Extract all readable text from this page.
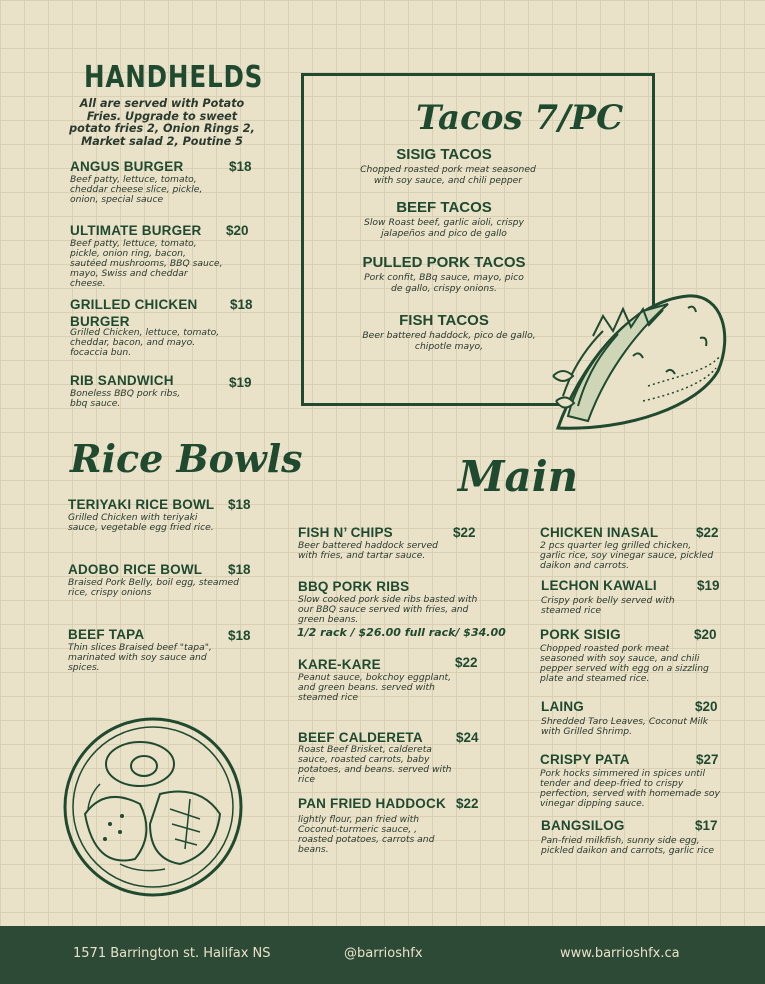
HANDHELDS
All are served with Potato Fries. Upgrade to sweet potato fries 2, Onion Rings 2, Market salad 2, Poutine 5
ANGUS BURGER	$18
Beef patty, lettuce, tomato, cheddar cheese slice, pickle, onion, special sauce
ULTIMATE BURGER $20
Beef patty, lettuce, tomato, pickle, onion ring, bacon, sautéed mushrooms, BBQ sauce, mayo, Swiss and cheddar cheese.
GRILLED CHICKEN BURGER
$18
Grilled Chicken, lettuce, tomato, cheddar, bacon, and mayo. focaccia bun.
RIB SANDWICH	$19
Boneless BBQ pork ribs, bbq sauce.
Tacos 7/PC
SISIG TACOS
Chopped roasted pork meat seasoned with soy sauce, and chili pepper
BEEF TACOS
Slow Roast beef, garlic aioli, crispy jalapeños and pico de gallo
PULLED PORK TACOS
Pork confit, BBq sauce, mayo, pico de gallo, crispy onions.
FISH TACOS
Beer battered haddock, pico de gallo, chipotle mayo,
Rice Bowls
TERIYAKI RICE BOWL $18
Grilled Chicken with teriyaki sauce, vegetable egg fried rice.
ADOBO RICE BOWL $18
Braised Pork Belly, boil egg, steamed rice, crispy onions
BEEF TAPA	$18
Thin slices Braised beef "tapa", marinated with soy sauce and spices.
Main
FISH N’ CHIPS	$22
Beer battered haddock served with fries, and tartar sauce.
BBQ PORK RIBS
Slow cooked pork side ribs basted with our BBQ sauce served with fries, and green beans.
1/2 rack / $26.00 full rack/ $34.00
KARE-KARE	$22
Peanut sauce, bokchoy eggplant, and green beans. served with steamed rice
BEEF CALDERETA $24
Roast Beef Brisket, caldereta sauce, roasted carrots, baby potatoes, and beans. served with rice
PAN FRIED HADDOCK $22
lightly flour, pan fried with Coconut-turmeric sauce, , roasted potatoes, carrots and beans.
CHICKEN INASAL	$22
2 pcs quarter leg grilled chicken, garlic rice, soy vinegar sauce, pickled daikon and carrots.
LECHON KAWALI	$19
Crispy pork belly served with steamed rice
PORK SISIG	$20
Chopped roasted pork meat seasoned with soy sauce, and chili pepper served with egg on a sizzling plate and steamed rice.
LAING	$20
Shredded Taro Leaves, Coconut Milk with Grilled Shrimp.
CRISPY PATA	$27
Pork hocks simmered in spices until tender and deep-fried to crispy perfection, served with homemade soy vinegar dipping sauce.
BANGSILOG	$17
Pan-fried milkfish, sunny side egg, pickled daikon and carrots, garlic rice
1571 Barrington st. Halifax NS	@barrioshfx	www.barrioshfx.ca
